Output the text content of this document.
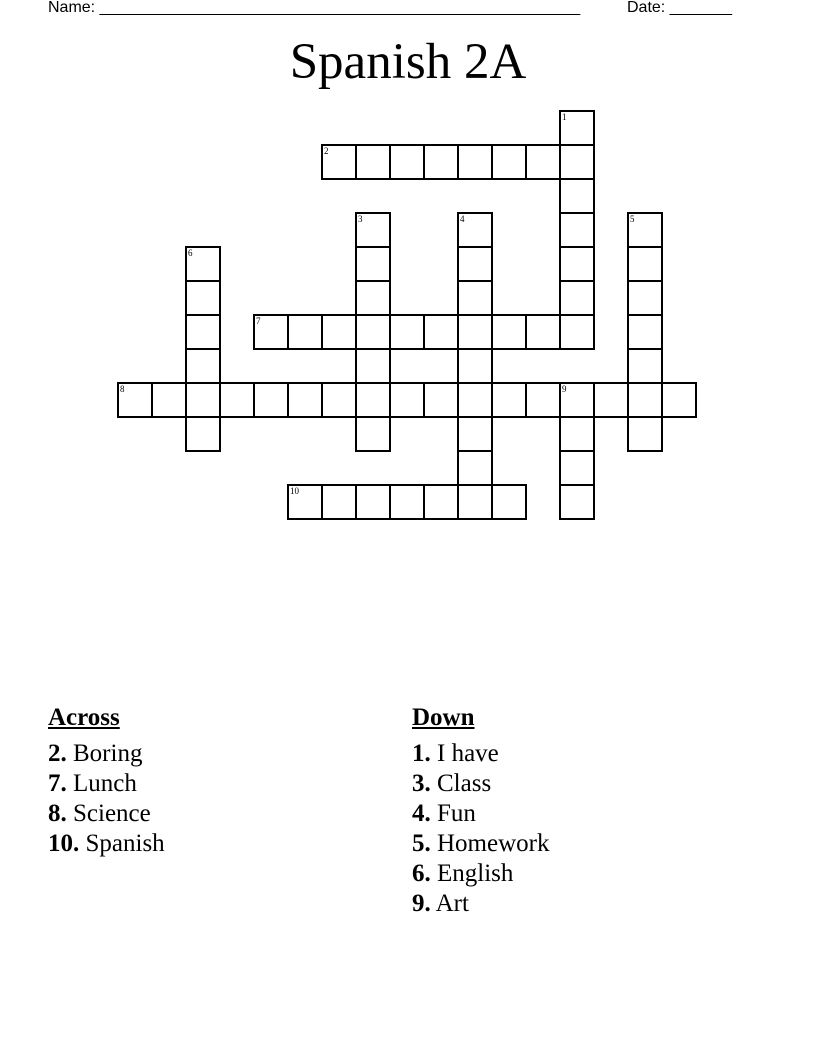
Name: ______________________________________________________	Date: _______
Spanish 2A
1
2
3	4	5
6
7
8	9
10
Across
2. Boring
7. Lunch
8. Science
10. Spanish
Down
1. I have
3. Class
4. Fun
5. Homework
6. English
9. Art
